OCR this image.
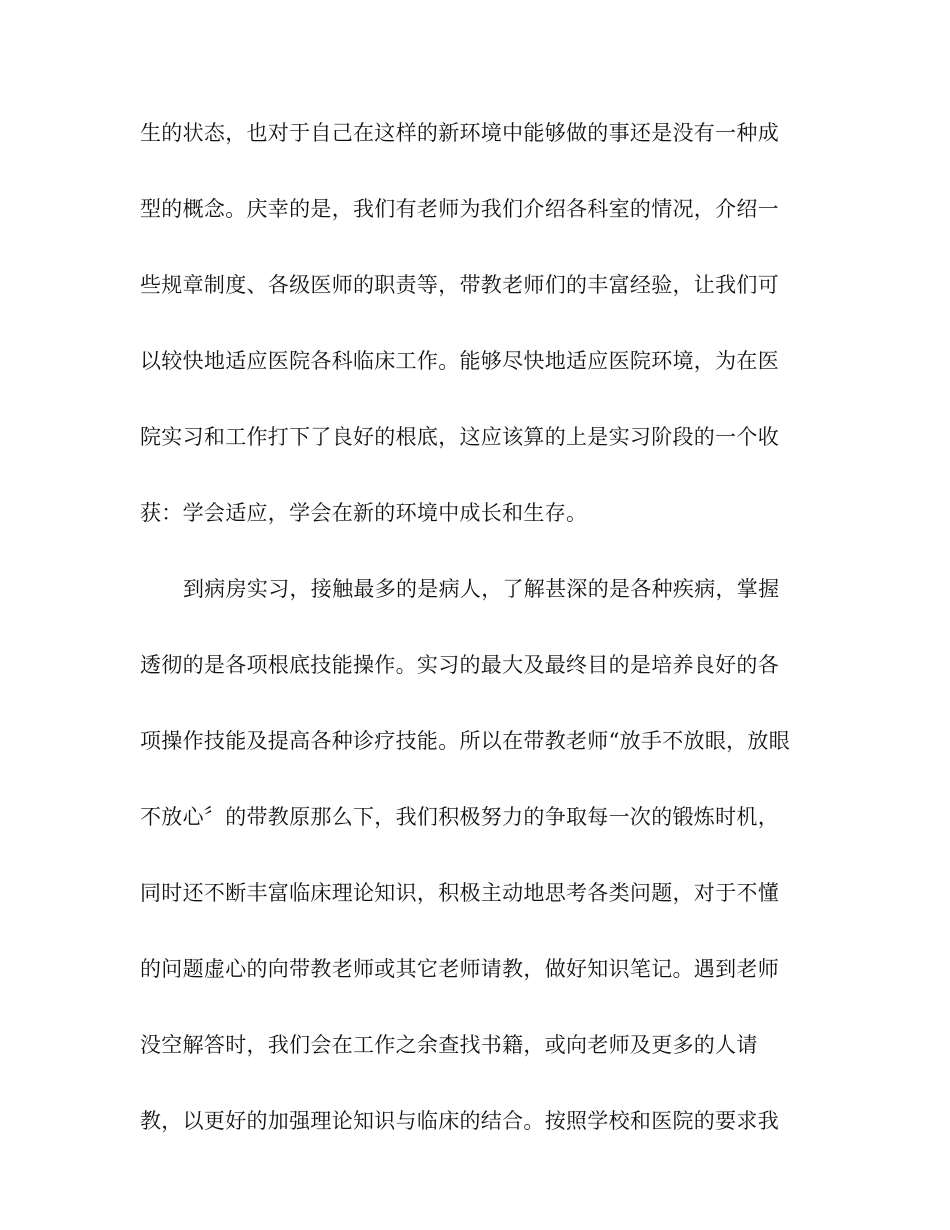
生的状态，也对于自己在这样的新环境中能够做的事还是没有一种成
型的概念。庆幸的是，我们有老师为我们介绍各科室的情况，介绍一
些规章制度、各级医师的职责等，带教老师们的丰富经验，让我们可
以较快地适应医院各科临床工作。能够尽快地适应医院环境，为在医
院实习和工作打下了良好的根底，这应该算的上是实习阶段的一个收
获：学会适应，学会在新的环境中成长和生存。
到病房实习，接触最多的是病人，了解甚深的是各种疾病，掌握
透彻的是各项根底技能操作。实习的最大及最终目的是培养良好的各
项操作技能及提高各种诊疗技能。所以在带教老师“放手不放眼，放眼
不放心〞的带教原那么下，我们积极努力的争取每一次的锻炼时机，
同时还不断丰富临床理论知识，积极主动地思考各类问题，对于不懂
的问题虚心的向带教老师或其它老师请教，做好知识笔记。遇到老师
没空解答时，我们会在工作之余查找书籍，或向老师及更多的人请
教，以更好的加强理论知识与临床的结合。按照学校和医院的要求我
